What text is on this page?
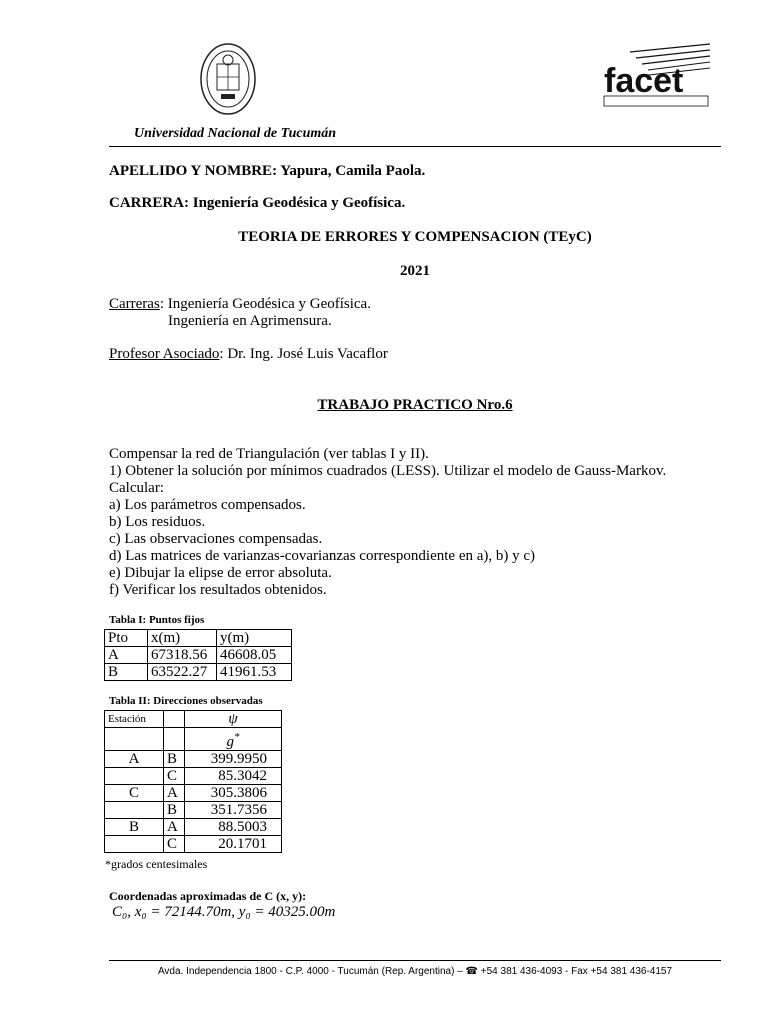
facet
Universidad Nacional de Tucumán
APELLIDO Y NOMBRE: Yapura, Camila Paola.
CARRERA: Ingeniería Geodésica y Geofísica.
TEORIA DE ERRORES Y COMPENSACION (TEyC)
2021
Carreras: Ingeniería Geodésica y Geofísica.
Ingeniería en Agrimensura.
Profesor Asociado: Dr. Ing. José Luis Vacaflor
TRABAJO PRACTICO Nro.6
Compensar la red de Triangulación (ver tablas I y II).
1) Obtener la solución por mínimos cuadrados (LESS). Utilizar el modelo de Gauss-Markov.
Calcular:
a) Los parámetros compensados.
b) Los residuos.
c) Las observaciones compensadas.
d) Las matrices de varianzas-covarianzas correspondiente en a), b) y c)
e) Dibujar la elipse de error absoluta.
f) Verificar los resultados obtenidos.
Tabla I: Puntos fijos
Pto	x(m)	y(m)
A	67318.56	46608.05
B	63522.27	41961.53
Tabla II: Direcciones observadas
Estación		ψ
		g*
A	B	399.9950
	C	85.3042
C	A	305.3806
	B	351.7356
B	A	88.5003
	C	20.1701
*grados centesimales
Coordenadas aproximadas de C (x, y):
C₀, x₀ = 72144.70m, y₀ = 40325.00m
Avda. Independencia 1800 - C.P. 4000 - Tucumán (Rep. Argentina) – ☎ +54 381 436-4093 - Fax +54 381 436-4157
